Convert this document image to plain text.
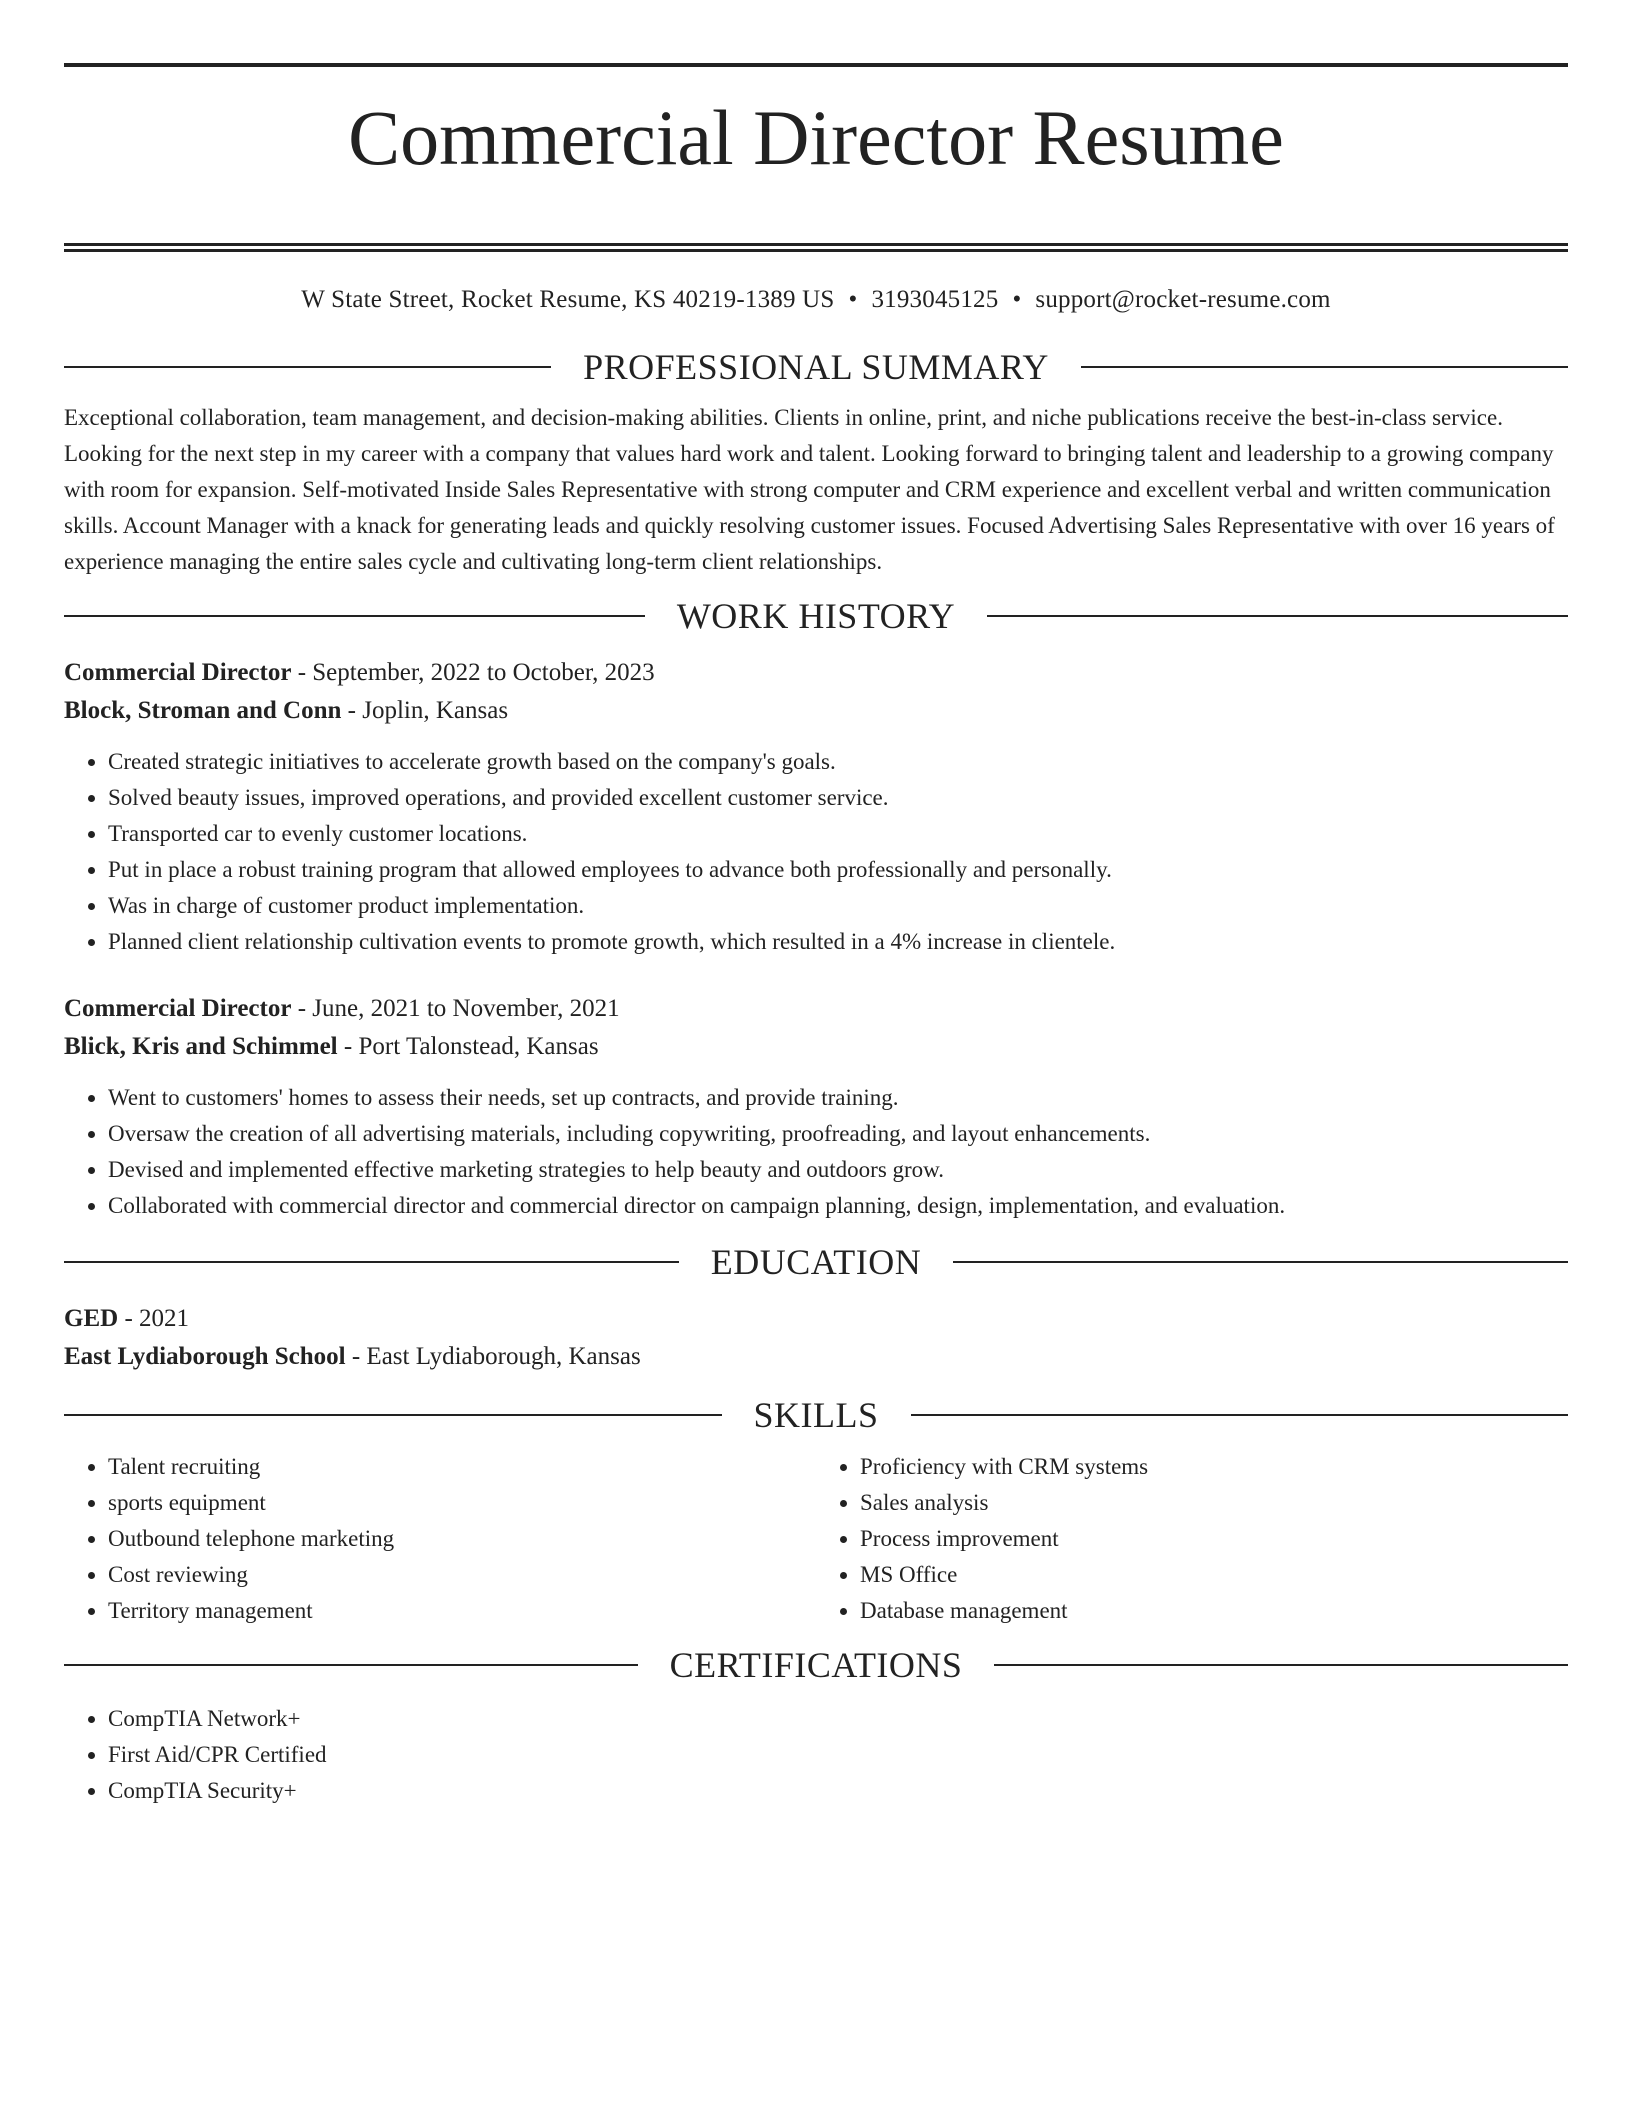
Commercial Director Resume
W State Street, Rocket Resume, KS 40219-1389 US • 3193045125 • support@rocket-resume.com
PROFESSIONAL SUMMARY

Exceptional collaboration, team management, and decision-making abilities. Clients in online, print, and niche publications receive the best-in-class service. Looking for the next step in my career with a company that values hard work and talent. Looking forward to bringing talent and leadership to a growing company with room for expansion. Self-motivated Inside Sales Representative with strong computer and CRM experience and excellent verbal and written communication skills. Account Manager with a knack for generating leads and quickly resolving customer issues. Focused Advertising Sales Representative with over 16 years of experience managing the entire sales cycle and cultivating long-term client relationships.

WORK HISTORY
Commercial Director - September, 2022 to October, 2023
Block, Stroman and Conn - Joplin, Kansas
• Created strategic initiatives to accelerate growth based on the company's goals.
• Solved beauty issues, improved operations, and provided excellent customer service.
• Transported car to evenly customer locations.
• Put in place a robust training program that allowed employees to advance both professionally and personally.
• Was in charge of customer product implementation.
• Planned client relationship cultivation events to promote growth, which resulted in a 4% increase in clientele.
Commercial Director - June, 2021 to November, 2021
Blick, Kris and Schimmel - Port Talonstead, Kansas
• Went to customers' homes to assess their needs, set up contracts, and provide training.
• Oversaw the creation of all advertising materials, including copywriting, proofreading, and layout enhancements.
• Devised and implemented effective marketing strategies to help beauty and outdoors grow.
• Collaborated with commercial director and commercial director on campaign planning, design, implementation, and evaluation.
EDUCATION
GED - 2021
East Lydiaborough School - East Lydiaborough, Kansas
SKILLS
• Talent recruiting
• sports equipment
• Outbound telephone marketing
• Cost reviewing
• Territory management
• Proficiency with CRM systems
• Sales analysis
• Process improvement
• MS Office
• Database management
CERTIFICATIONS
• CompTIA Network+
• First Aid/CPR Certified
• CompTIA Security+
